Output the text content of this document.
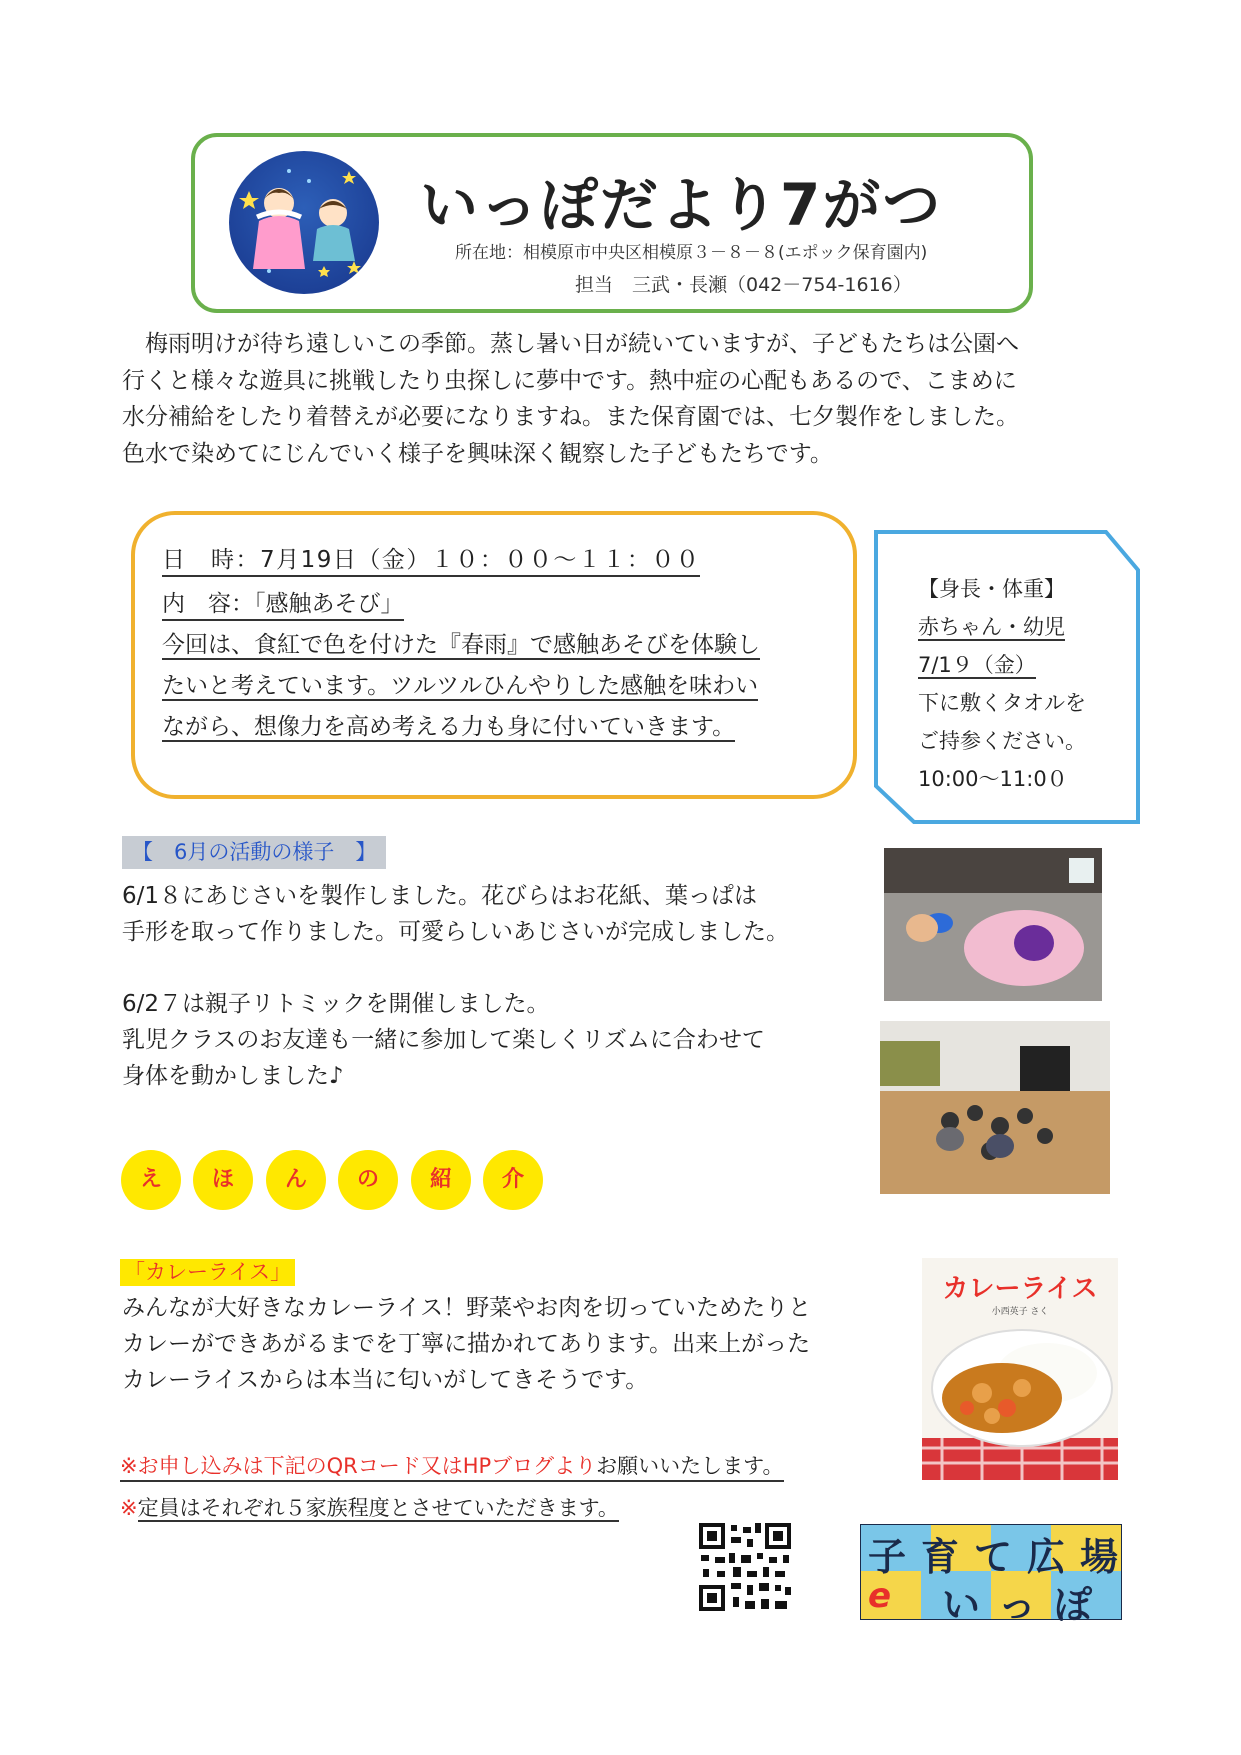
いっぽだより7がつ
所在地：相模原市中央区相模原３－８－８(エポック保育園内)
担当　三武・長瀬（042－754-1616）

　梅雨明けが待ち遠しいこの季節。蒸し暑い日が続いていますが、子どもたちは公園へ

行くと様々な遊具に挑戦したり虫探しに夢中です。熱中症の心配もあるので、こまめに

水分補給をしたり着替えが必要になりますね。また保育園では、七夕製作をしました。

色水で染めてにじんでいく様子を興味深く観察した子どもたちです。

日　時：7月19日（金）１０：００～１１：００
内　容：「感触あそび」

今回は、食紅で色を付けた『春雨』で感触あそびを体験し

たいと考えています。ツルツルひんやりした感触を味わい

ながら、想像力を高め考える力も身に付いていきます。

【身長・体重】
赤ちゃん・幼児
7/1９（金）
下に敷くタオルを
ご持参ください。
10:00～11:0０
【　6月の活動の様子　】

6/1８にあじさいを製作しました。花びらはお花紙、葉っぱは

手形を取って作りました。可愛らしいあじさいが完成しました。

6/2７は親子リトミックを開催しました。

乳児クラスのお友達も一緒に参加して楽しくリズムに合わせて

身体を動かしました♪

え	ほ	ん	の	紹	介
「カレーライス」

みんなが大好きなカレーライス！野菜やお肉を切っていためたりと

カレーができあがるまでを丁寧に描かれてあります。出来上がった

カレーライスからは本当に匂いがしてきそうです。

カレーライス
小西英子 さく
※お申し込みは下記のQRコード又はHPブログよりお願いいたします。
※定員はそれぞれ５家族程度とさせていただきます。
子 育 て 広 場
e い っ ぽ
